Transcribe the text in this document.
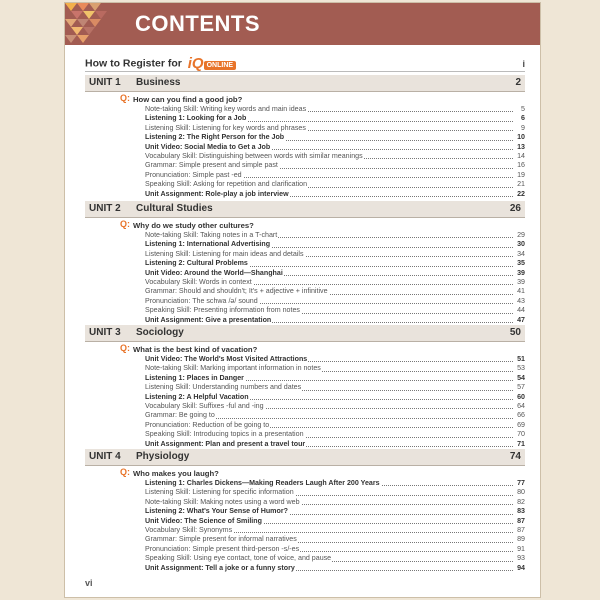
CONTENTS
How to Register for iQ ONLINE	i
UNIT 1 Business	2
Q: How can you find a good job?
Note-taking Skill: Writing key words and main ideas	5
Listening 1: Looking for a Job	6
Listening Skill: Listening for key words and phrases	9
Listening 2: The Right Person for the Job	10
Unit Video: Social Media to Get a Job	13
Vocabulary Skill: Distinguishing between words with similar meanings	14
Grammar: Simple present and simple past	16
Pronunciation: Simple past -ed	19
Speaking Skill: Asking for repetition and clarification	21
Unit Assignment: Role-play a job interview	22
UNIT 2 Cultural Studies	26
Q: Why do we study other cultures?
Note-taking Skill: Taking notes in a T-chart	29
Listening 1: International Advertising	30
Listening Skill: Listening for main ideas and details	34
Listening 2: Cultural Problems	35
Unit Video: Around the World—Shanghai	39
Vocabulary Skill: Words in context	39
Grammar: Should and shouldn't; It's + adjective + infinitive	41
Pronunciation: The schwa /ə/ sound	43
Speaking Skill: Presenting information from notes	44
Unit Assignment: Give a presentation	47
UNIT 3 Sociology	50
Q: What is the best kind of vacation?
Unit Video: The World's Most Visited Attractions	51
Note-taking Skill: Marking important information in notes	53
Listening 1: Places in Danger	54
Listening Skill: Understanding numbers and dates	57
Listening 2: A Helpful Vacation	60
Vocabulary Skill: Suffixes -ful and -ing	64
Grammar: Be going to	66
Pronunciation: Reduction of be going to	69
Speaking Skill: Introducing topics in a presentation	70
Unit Assignment: Plan and present a travel tour	71
UNIT 4 Physiology	74
Q: Who makes you laugh?
Listening 1: Charles Dickens—Making Readers Laugh After 200 Years	77
Listening Skill: Listening for specific information	80
Note-taking Skill: Making notes using a word web	82
Listening 2: What's Your Sense of Humor?	83
Unit Video: The Science of Smiling	87
Vocabulary Skill: Synonyms	87
Grammar: Simple present for informal narratives	89
Pronunciation: Simple present third-person -s/-es	91
Speaking Skill: Using eye contact, tone of voice, and pause	93
Unit Assignment: Tell a joke or a funny story	94
vi
